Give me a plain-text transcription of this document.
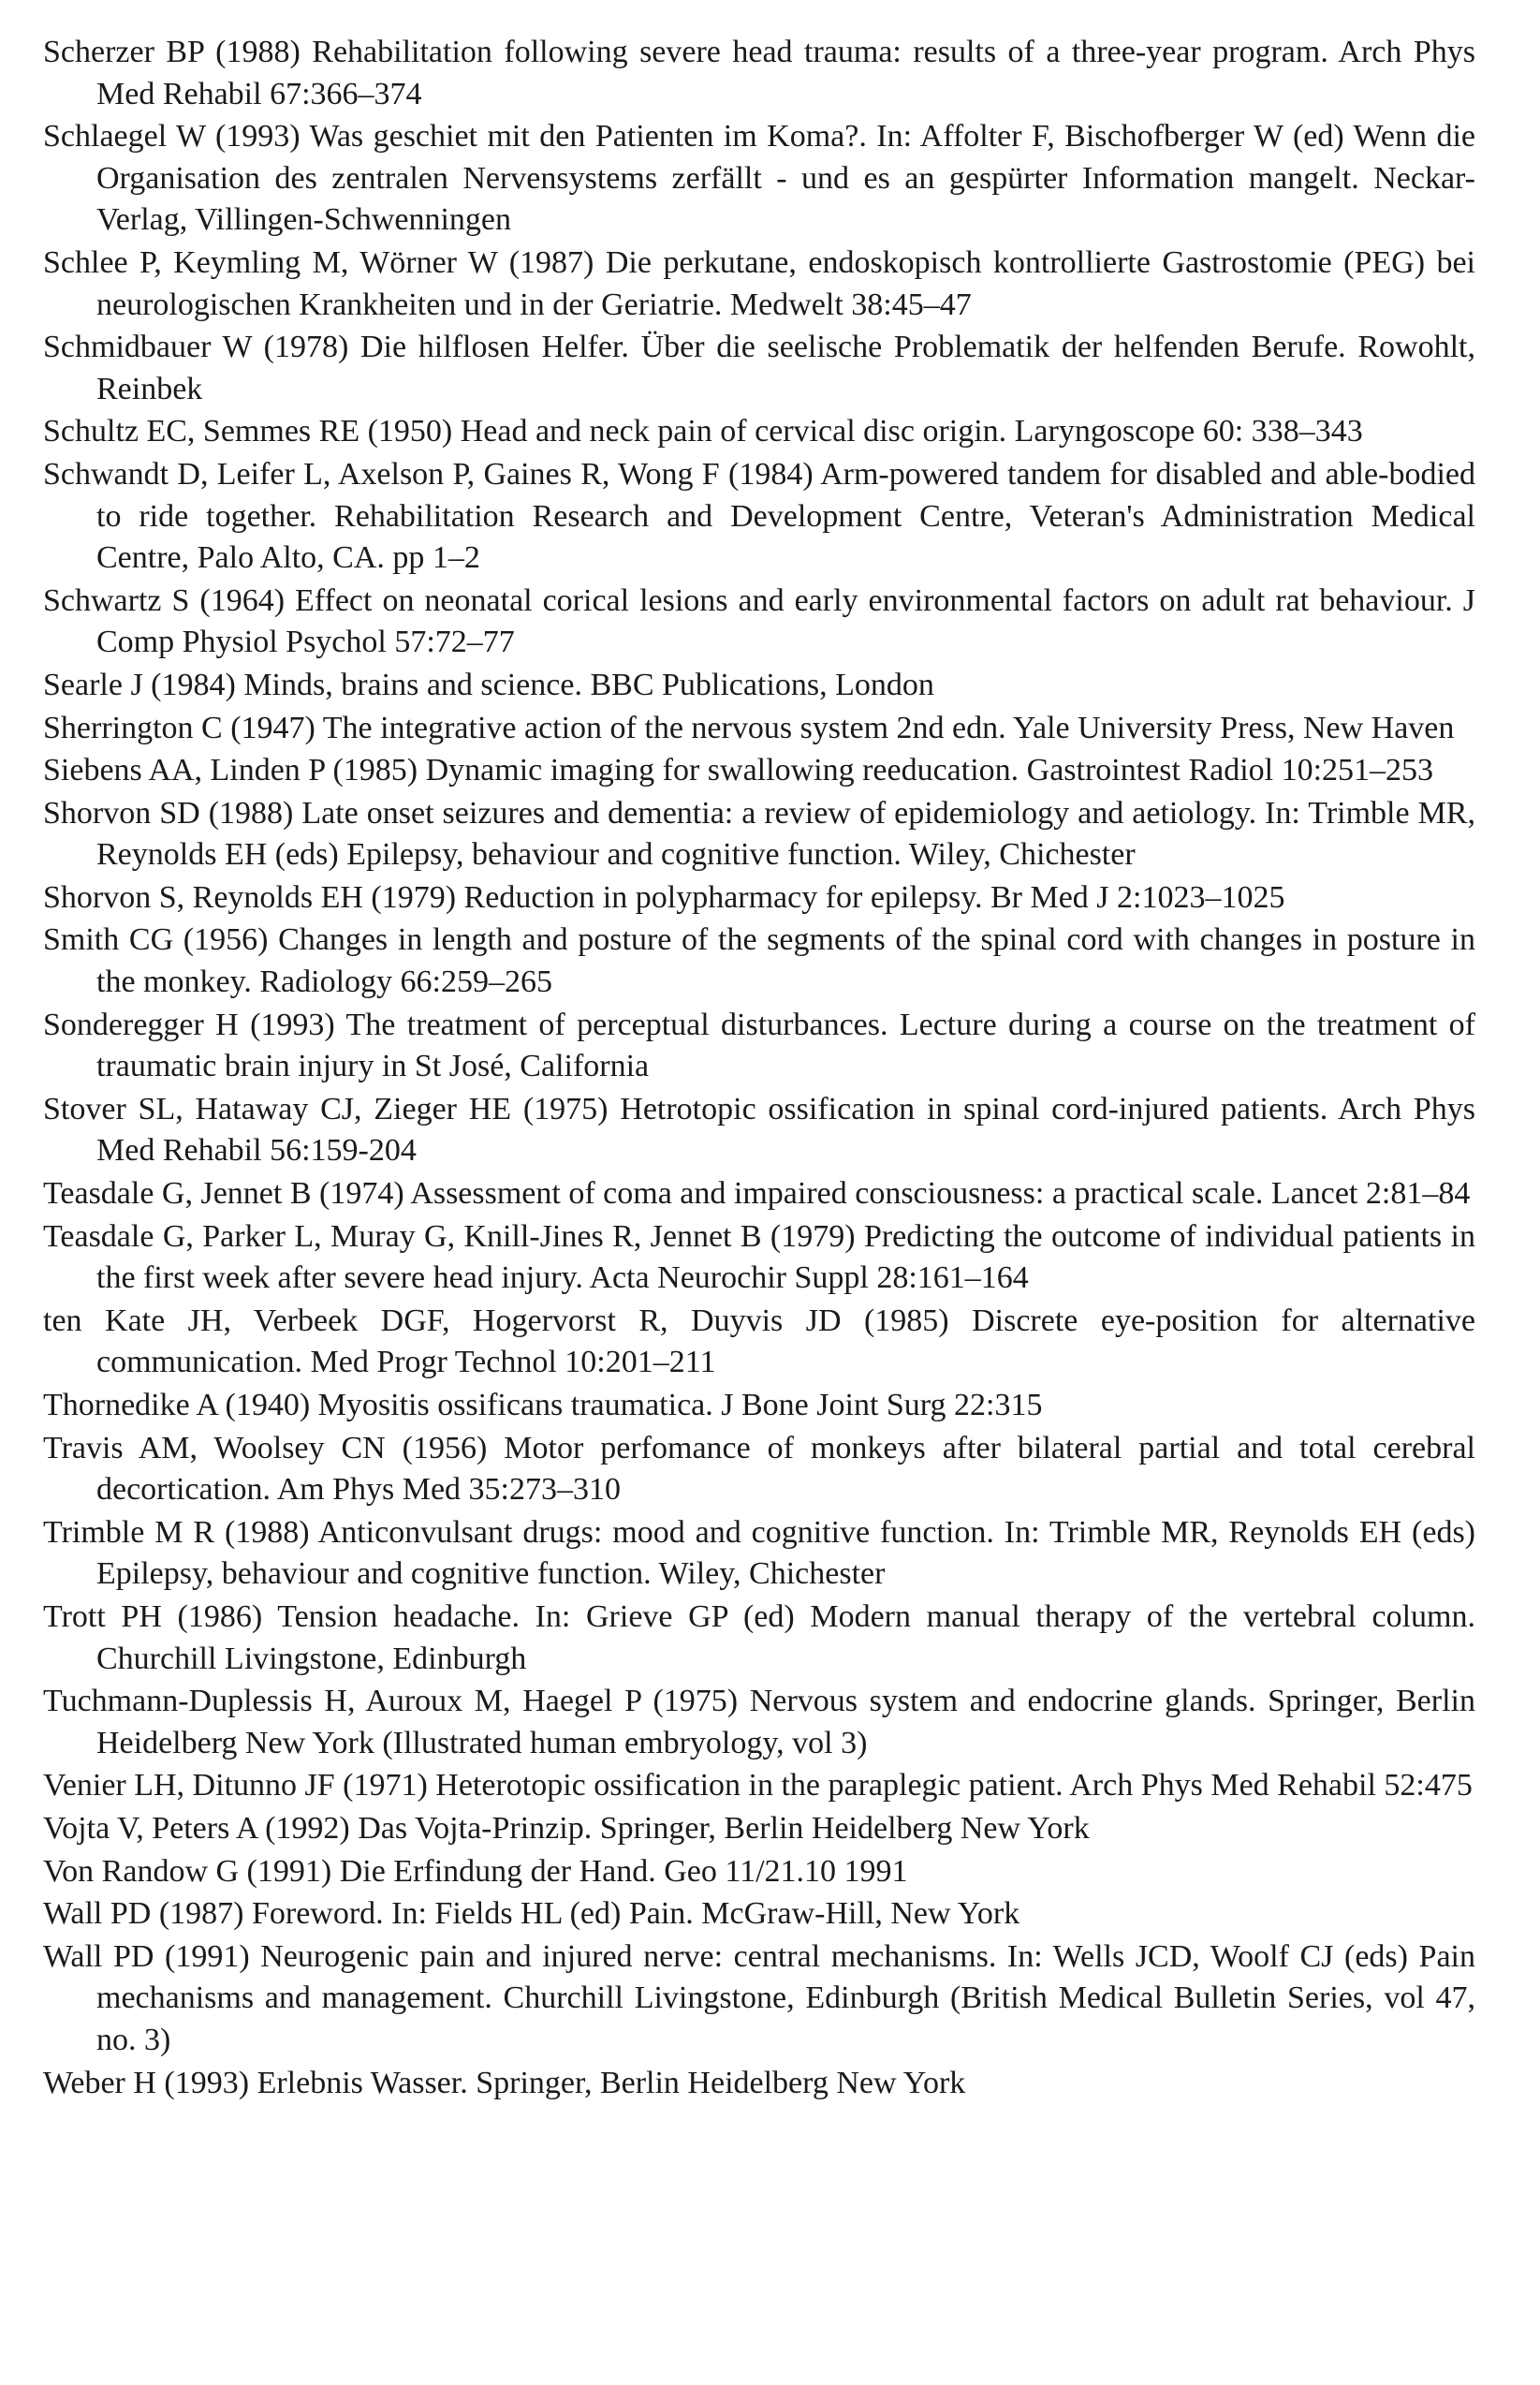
Scherzer BP (1988) Rehabilitation following severe head trauma: results of a three-year program. Arch Phys Med Rehabil 67:366–374

Schlaegel W (1993) Was geschiet mit den Patienten im Koma?. In: Affolter F, Bischofberger W (ed) Wenn die Organisation des zentralen Nervensystems zerfällt - und es an gespürter Information mangelt. Neckar-Verlag, Villingen-Schwenningen

Schlee P, Keymling M, Wörner W (1987) Die perkutane, endoskopisch kontrollierte Gastrostomie (PEG) bei neurologischen Krankheiten und in der Geriatrie. Medwelt 38:45–47

Schmidbauer W (1978) Die hilflosen Helfer. Über die seelische Problematik der helfenden Berufe. Rowohlt, Reinbek

Schultz EC, Semmes RE (1950) Head and neck pain of cervical disc origin. Laryngoscope 60: 338–343

Schwandt D, Leifer L, Axelson P, Gaines R, Wong F (1984) Arm-powered tandem for disabled and able-bodied to ride together. Rehabilitation Research and Development Centre, Veteran's Administration Medical Centre, Palo Alto, CA. pp 1–2

Schwartz S (1964) Effect on neonatal corical lesions and early environmental factors on adult rat behaviour. J Comp Physiol Psychol 57:72–77

Searle J (1984) Minds, brains and science. BBC Publications, London

Sherrington C (1947) The integrative action of the nervous system 2nd edn. Yale University Press, New Haven

Siebens AA, Linden P (1985) Dynamic imaging for swallowing reeducation. Gastrointest Radiol 10:251–253

Shorvon SD (1988) Late onset seizures and dementia: a review of epidemiology and aetiology. In: Trimble MR, Reynolds EH (eds) Epilepsy, behaviour and cognitive function. Wiley, Chichester

Shorvon S, Reynolds EH (1979) Reduction in polypharmacy for epilepsy. Br Med J 2:1023–1025

Smith CG (1956) Changes in length and posture of the segments of the spinal cord with changes in posture in the monkey. Radiology 66:259–265

Sonderegger H (1993) The treatment of perceptual disturbances. Lecture during a course on the treatment of traumatic brain injury in St José, California

Stover SL, Hataway CJ, Zieger HE (1975) Hetrotopic ossification in spinal cord-injured patients. Arch Phys Med Rehabil 56:159-204

Teasdale G, Jennet B (1974) Assessment of coma and impaired consciousness: a practical scale. Lancet 2:81–84

Teasdale G, Parker L, Muray G, Knill-Jines R, Jennet B (1979) Predicting the outcome of individual patients in the first week after severe head injury. Acta Neurochir Suppl 28:161–164

ten Kate JH, Verbeek DGF, Hogervorst R, Duyvis JD (1985) Discrete eye-position for alternative communication. Med Progr Technol 10:201–211

Thornedike A (1940) Myositis ossificans traumatica. J Bone Joint Surg 22:315

Travis AM, Woolsey CN (1956) Motor perfomance of monkeys after bilateral partial and total cerebral decortication. Am Phys Med 35:273–310

Trimble M R (1988) Anticonvulsant drugs: mood and cognitive function. In: Trimble MR, Reynolds EH (eds) Epilepsy, behaviour and cognitive function. Wiley, Chichester

Trott PH (1986) Tension headache. In: Grieve GP (ed) Modern manual therapy of the vertebral column. Churchill Livingstone, Edinburgh

Tuchmann-Duplessis H, Auroux M, Haegel P (1975) Nervous system and endocrine glands. Springer, Berlin Heidelberg New York (Illustrated human embryology, vol 3)

Venier LH, Ditunno JF (1971) Heterotopic ossification in the paraplegic patient. Arch Phys Med Rehabil 52:475

Vojta V, Peters A (1992) Das Vojta-Prinzip. Springer, Berlin Heidelberg New York

Von Randow G (1991) Die Erfindung der Hand. Geo 11/21.10 1991

Wall PD (1987) Foreword. In: Fields HL (ed) Pain. McGraw-Hill, New York

Wall PD (1991) Neurogenic pain and injured nerve: central mechanisms. In: Wells JCD, Woolf CJ (eds) Pain mechanisms and management. Churchill Livingstone, Edinburgh (British Medical Bulletin Series, vol 47, no. 3)

Weber H (1993) Erlebnis Wasser. Springer, Berlin Heidelberg New York
